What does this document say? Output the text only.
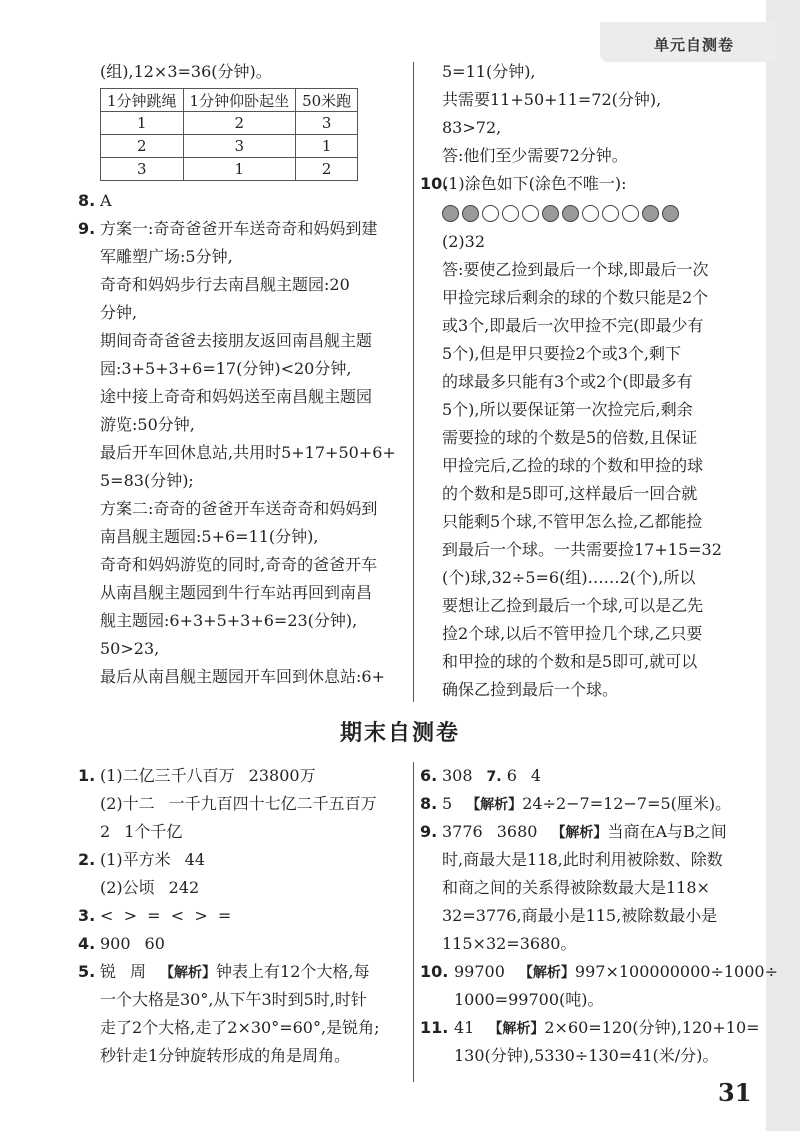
单元自测卷
(组),12×3=36(分钟)。
1分钟跳绳	1分钟仰卧起坐	50米跑
1	2	3
2	3	1
3	1	2
8. A
9. 方案一:奇奇爸爸开车送奇奇和妈妈到建
军雕塑广场:5分钟,
奇奇和妈妈步行去南昌舰主题园:20
分钟,
期间奇奇爸爸去接朋友返回南昌舰主题
园:3+5+3+6=17(分钟)<20分钟,
途中接上奇奇和妈妈送至南昌舰主题园
游览:50分钟,
最后开车回休息站,共用时5+17+50+6+
5=83(分钟);
方案二:奇奇的爸爸开车送奇奇和妈妈到
南昌舰主题园:5+6=11(分钟),
奇奇和妈妈游览的同时,奇奇的爸爸开车
从南昌舰主题园到牛行车站再回到南昌
舰主题园:6+3+5+3+6=23(分钟),
50>23,
最后从南昌舰主题园开车回到休息站:6+
5=11(分钟),
共需要11+50+11=72(分钟),
83>72,
答:他们至少需要72分钟。
10.
(1)涂色如下(涂色不唯一):
(2)32
答:要使乙捡到最后一个球,即最后一次
甲捡完球后剩余的球的个数只能是2个
或3个,即最后一次甲捡不完(即最少有
5个),但是甲只要捡2个或3个,剩下
的球最多只能有3个或2个(即最多有
5个),所以要保证第一次捡完后,剩余
需要捡的球的个数是5的倍数,且保证
甲捡完后,乙捡的球的个数和甲捡的球
的个数和是5即可,这样最后一回合就
只能剩5个球,不管甲怎么捡,乙都能捡
到最后一个球。一共需要捡17+15=32
(个)球,32÷5=6(组)……2(个),所以
要想让乙捡到最后一个球,可以是乙先
捡2个球,以后不管甲捡几个球,乙只要
和甲捡的球的个数和是5即可,就可以
确保乙捡到最后一个球。
期末自测卷
1. (1)二亿三千八百万 23800万
(2)十二 一千九百四十七亿二千五百万
2 1个千亿
2. (1)平方米 44
(2)公顷 242
3. <  >  =  <  >  =
4. 900 60
5. 锐 周 【解析】钟表上有12个大格,每
一个大格是30°,从下午3时到5时,时针
走了2个大格,走了2×30°=60°,是锐角;
秒针走1分钟旋转形成的角是周角。
6. 308 7. 6 4
8. 5 【解析】24÷2−7=12−7=5(厘米)。
9. 3776 3680 【解析】当商在A与B之间
时,商最大是118,此时利用被除数、除数
和商之间的关系得被除数最大是118×
32=3776,商最小是115,被除数最小是
115×32=3680。
10. 99700 【解析】997×100000000÷1000÷
1000=99700(吨)。
11. 41 【解析】2×60=120(分钟),120+10=
130(分钟),5330÷130=41(米/分)。
31
